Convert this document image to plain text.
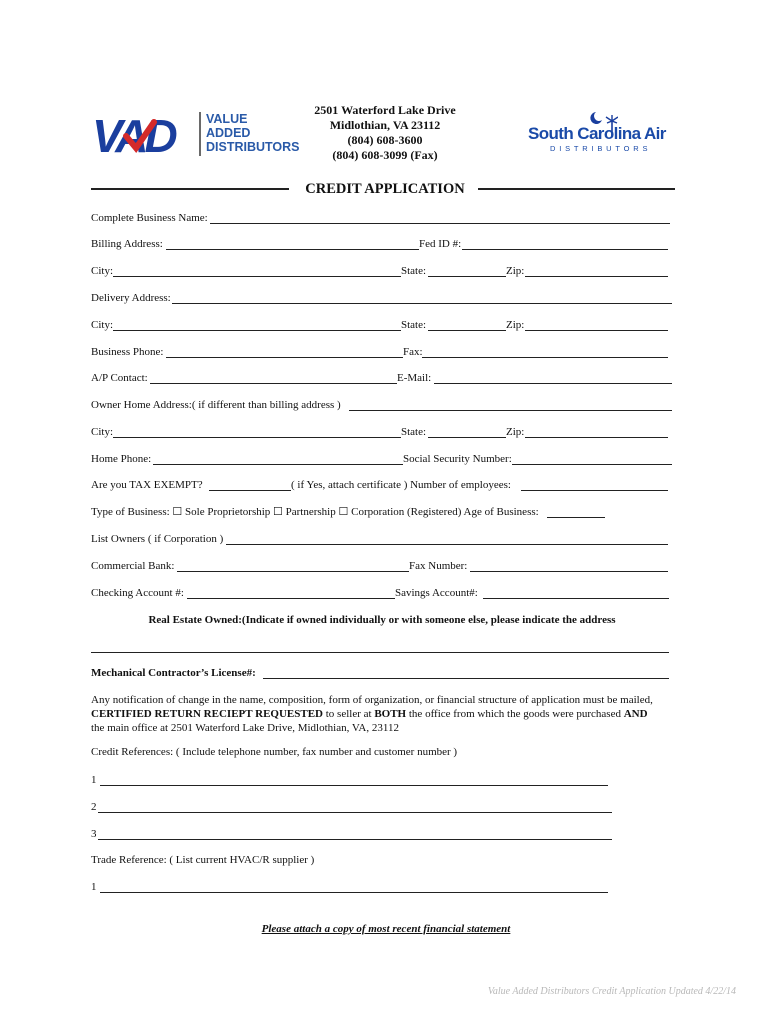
VAD	VALUE
ADDED
DISTRIBUTORS
2501 Waterford Lake Drive
Midlothian, VA 23112
(804) 608-3600
(804) 608-3099 (Fax)
South Carolina Air
DISTRIBUTORS
CREDIT APPLICATION
Complete Business Name:
Billing Address:	Fed ID #:
City:	State:	Zip:
Delivery Address:
City:	State:	Zip:
Business Phone:	Fax:
A/P Contact:	E-Mail:
Owner Home Address:( if different than billing address )
City:	State:	Zip:
Home Phone:	Social Security Number:
Are you TAX EXEMPT?	( if Yes, attach certificate ) Number of employees:
Type of Business: ☐ Sole Proprietorship ☐ Partnership ☐ Corporation (Registered) Age of Business:
List Owners ( if Corporation )
Commercial Bank:	Fax Number:
Checking Account #:	Savings Account#:
Real Estate Owned:(Indicate if owned individually or with someone else, please indicate the address
Mechanical Contractor’s License#:
Any notification of change in the name, composition, form of organization, or financial structure of application must be mailed,
CERTIFIED RETURN RECIEPT REQUESTED to seller at BOTH the office from which the goods were purchased AND
the main office at 2501 Waterford Lake Drive, Midlothian, VA, 23112
Credit References: ( Include telephone number, fax number and customer number )
1
2
3
Trade Reference: ( List current HVAC/R supplier )
1
Please attach a copy of most recent financial statement
Value Added Distributors Credit Application Updated 4/22/14
